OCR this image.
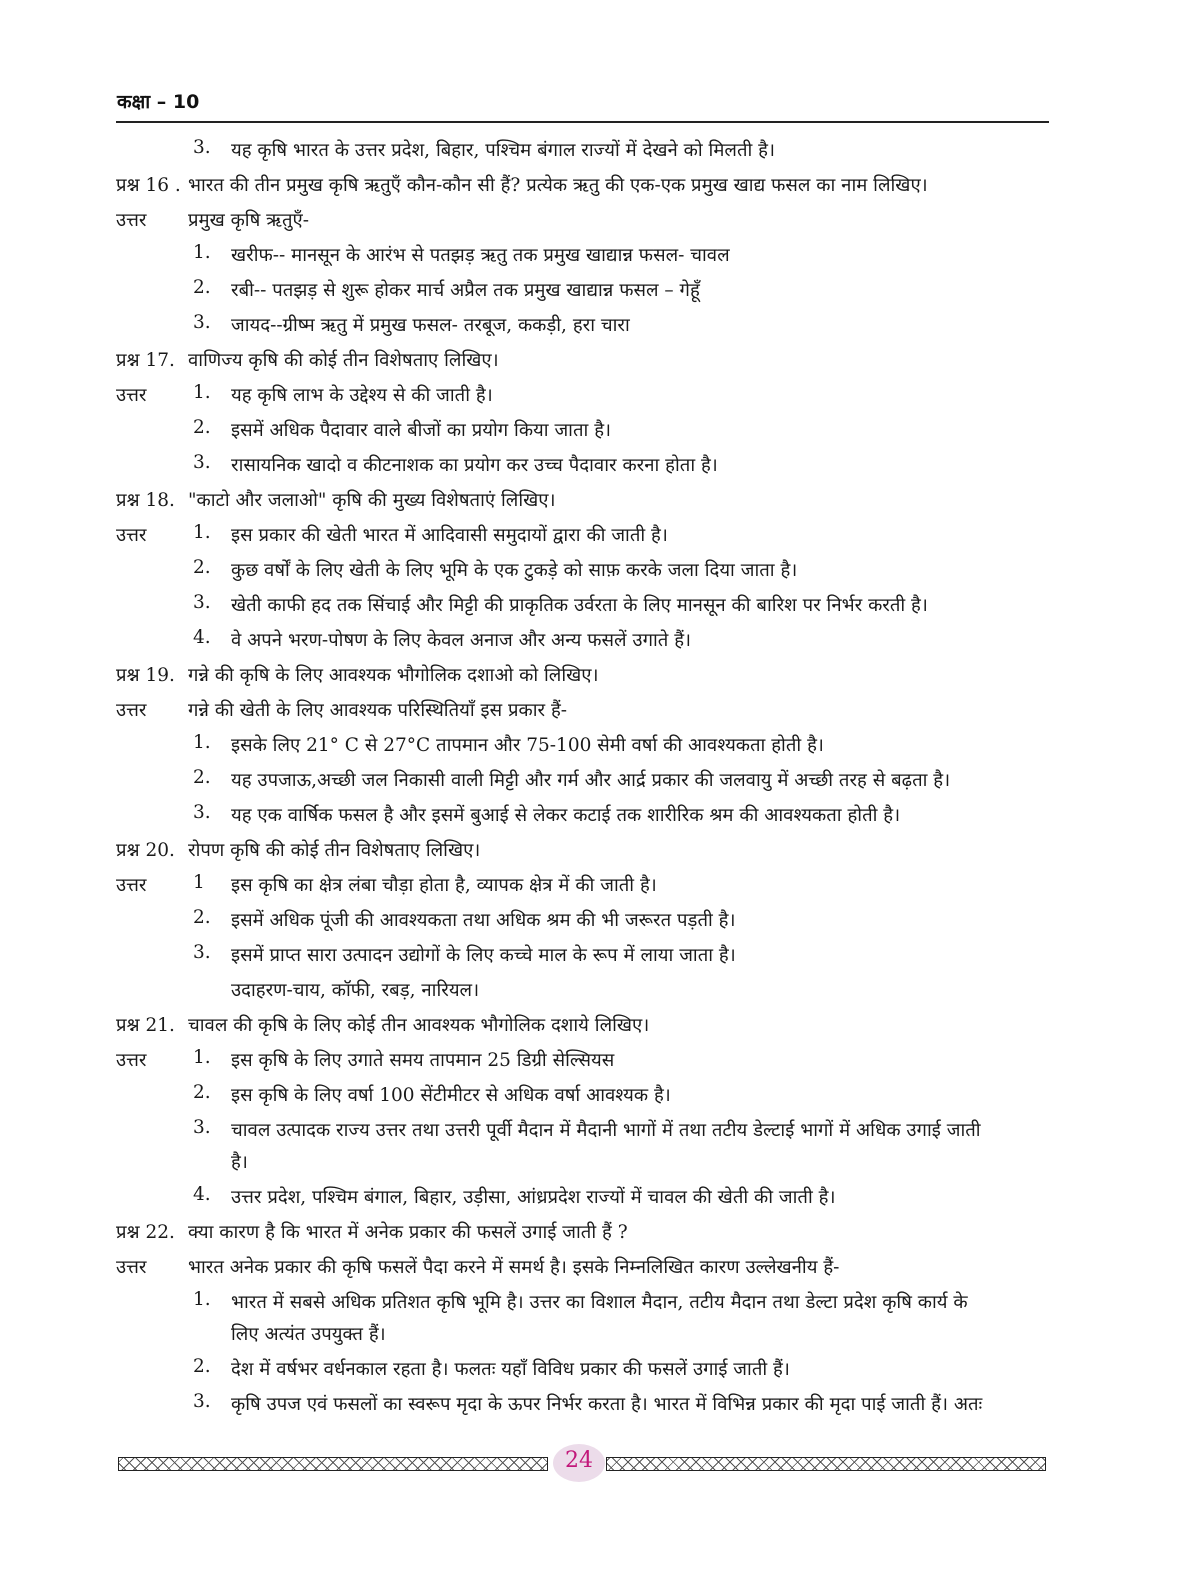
कक्षा – 10
3. यह कृषि भारत के उत्तर प्रदेश, बिहार, पश्चिम बंगाल राज्यों में देखने को मिलती है।
प्रश्न 16 . भारत की तीन प्रमुख कृषि ऋतुएँ कौन-कौन सी हैं? प्रत्येक ऋतु की एक-एक प्रमुख खाद्य फसल का नाम लिखिए।
उत्तर प्रमुख कृषि ऋतुएँ-
1. खरीफ-- मानसून के आरंभ से पतझड़ ऋतु तक प्रमुख खाद्यान्न फसल- चावल
2. रबी-- पतझड़ से शुरू होकर मार्च अप्रैल तक प्रमुख खाद्यान्न फसल – गेहूँ
3. जायद--ग्रीष्म ऋतु में प्रमुख फसल- तरबूज, ककड़ी, हरा चारा
प्रश्न 17. वाणिज्य कृषि की कोई तीन विशेषताए लिखिए।
उत्तर	1. यह कृषि लाभ के उद्देश्य से की जाती है।
2. इसमें अधिक पैदावार वाले बीजों का प्रयोग किया जाता है।
3. रासायनिक खादो व कीटनाशक का प्रयोग कर उच्च पैदावार करना होता है।
प्रश्न 18. "काटो और जलाओ" कृषि की मुख्य विशेषताएं लिखिए।
उत्तर	1. इस प्रकार की खेती भारत में आदिवासी समुदायों द्वारा की जाती है।
2. कुछ वर्षों के लिए खेती के लिए भूमि के एक टुकड़े को साफ़ करके जला दिया जाता है।
3. खेती काफी हद तक सिंचाई और मिट्टी की प्राकृतिक उर्वरता के लिए मानसून की बारिश पर निर्भर करती है।
4. वे अपने भरण-पोषण के लिए केवल अनाज और अन्य फसलें उगाते हैं।
प्रश्न 19. गन्ने की कृषि के लिए आवश्यक भौगोलिक दशाओ को लिखिए।
उत्तर गन्ने की खेती के लिए आवश्यक परिस्थितियाँ इस प्रकार हैं-
1. इसके लिए 21° C से 27°C तापमान और 75-100 सेमी वर्षा की आवश्यकता होती है।
2. यह उपजाऊ,अच्छी जल निकासी वाली मिट्टी और गर्म और आर्द्र प्रकार की जलवायु में अच्छी तरह से बढ़ता है।
3. यह एक वार्षिक फसल है और इसमें बुआई से लेकर कटाई तक शारीरिक श्रम की आवश्यकता होती है।
प्रश्न 20. रोपण कृषि की कोई तीन विशेषताए लिखिए।
उत्तर	1 इस कृषि का क्षेत्र लंबा चौड़ा होता है, व्यापक क्षेत्र में की जाती है।
2. इसमें अधिक पूंजी की आवश्यकता तथा अधिक श्रम की भी जरूरत पड़ती है।
3. इसमें प्राप्त सारा उत्पादन उद्योगों के लिए कच्चे माल के रूप में लाया जाता है।
उदाहरण-चाय, कॉफी, रबड़, नारियल।
प्रश्न 21. चावल की कृषि के लिए कोई तीन आवश्यक भौगोलिक दशाये लिखिए।
उत्तर	1. इस कृषि के लिए उगाते समय तापमान 25 डिग्री सेल्सियस
2. इस कृषि के लिए वर्षा 100 सेंटीमीटर से अधिक वर्षा आवश्यक है।
3. चावल उत्पादक राज्य उत्तर तथा उत्तरी पूर्वी मैदान में मैदानी भागों में तथा तटीय डेल्टाई भागों में अधिक उगाई जाती
है।
4. उत्तर प्रदेश, पश्चिम बंगाल, बिहार, उड़ीसा, आंध्रप्रदेश राज्यों में चावल की खेती की जाती है।
प्रश्न 22. क्या कारण है कि भारत में अनेक प्रकार की फसलें उगाई जाती हैं ?
उत्तर भारत अनेक प्रकार की कृषि फसलें पैदा करने में समर्थ है। इसके निम्नलिखित कारण उल्लेखनीय हैं-
1. भारत में सबसे अधिक प्रतिशत कृषि भूमि है। उत्तर का विशाल मैदान, तटीय मैदान तथा डेल्टा प्रदेश कृषि कार्य के
लिए अत्यंत उपयुक्त हैं।
2. देश में वर्षभर वर्धनकाल रहता है। फलतः यहाँ विविध प्रकार की फसलें उगाई जाती हैं।
3. कृषि उपज एवं फसलों का स्वरूप मृदा के ऊपर निर्भर करता है। भारत में विभिन्न प्रकार की मृदा पाई जाती हैं। अतः
24
